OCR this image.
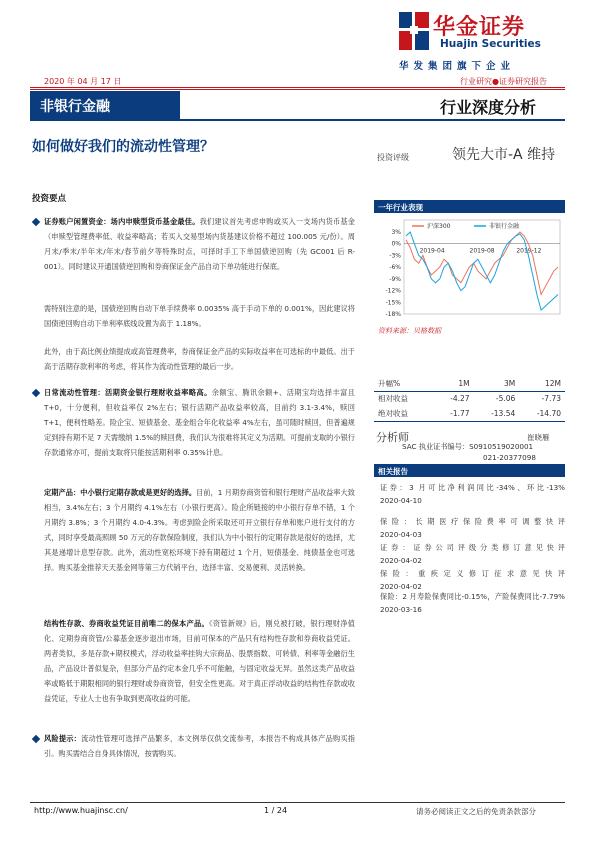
华金证券
Huajin Securities
华发集团旗下企业
2020 年 04 月 17 日	行业研究●证券研究报告
非银行金融	行业深度分析
如何做好我们的流动性管理？
投资评级	领先大市-A 维持
投资要点
证券账户闲置资金：场内申赎型货币基金最佳。我们建议首先考虑申购或买入一支场内货币基金（申赎型管理费率低、收益率略高；若买入交易型场内货基建议价格不超过 100.005 元/份）。周月末/季末/半年末/年末/春节前夕等特殊时点，可择时手工下单国债逆回购（先 GC001 后 R-001）。同时建议开通国债逆回购和券商保证金产品自动下单功能进行保底。
需特别注意的是，国债逆回购自动下单手续费率 0.0035% 高于手动下单的 0.001%，因此建议将国债逆回购自动下单利率底线设置为高于 1.18%。
此外，由于高比例业绩提成或高管理费率，券商保证金产品的实际收益率在可选标的中最低。出于高于活期存款利率的考虑，将其作为流动性管理的最后一步。
日常流动性管理：活期资金银行理财收益率略高。余额宝、腾讯余额+、活期宝均选择丰富且 T+0，十分便利，但收益率仅 2%左右；银行活期产品收益率较高，目前约 3.1-3.4%，赎回 T+1，便利性略差。险企宝、短债基金、基金组合年化收益率 4%左右，虽可随时赎回，但普遍规定到持有期不足 7 天需缴纳 1.5%的赎回费，我们认为很难将其定义为活期。可提前支取的小银行存款通常亦可，提前支取将只能按活期利率 0.35%计息。
定期产品：中小银行定期存款或是更好的选择。目前，1 月期券商资管和银行理财产品收益率大致相当，3.4%左右；3 个月期约 4.1%左右（小银行更高）。险企所链接的中小银行存单不错，1 个月期约 3.8%；3 个月期约 4.0-4.3%。考虑到险企所采取还可开立银行存单和账户进行支付的方式，同时享受最高照顾 50 万元的存款保险制度，我们认为中小银行的定期存款是很好的选择，尤其是递增计息型存款。此外，流动性宽松环境下持有期超过 1 个月，短债基金、纯债基金也可选择。购买基金推荐天天基金网等第三方代销平台，选择丰富、交易便利、灵活转换。
结构性存款、券商收益凭证目前唯二的保本产品。《资管新规》后，刚兑被打破，银行理财净值化、定期券商资管/公募基金逐步退出市场，目前可保本的产品只有结构性存款和券商收益凭证。两者类似，多是存款+期权模式，浮动收益率挂钩大宗商品、股票指数、可转债、利率等金融衍生品，产品设计普似复杂，但部分产品约定本金几乎不可能触，与固定收益无异。虽然这类产品收益率或略低于期限相同的银行理财或券商资管，但安全性更高。对于真正浮动收益的结构性存款或收益凭证，专业人士也有争取到更高收益的可能。
风险提示：流动性管理可选择产品繁多，本文例举仅供交流参考，本报告不构成具体产品购买指引。购买需结合自身具体情况，按需购买。
一年行业表现
3%
0%
-3%
-6%
-9%
-12%
-15%
-18%
2019-04	2019-08	2019-12
沪深300	非银行金融
资料来源：贝格数据
升幅%	1M	3M	12M
相对收益	-4.27	-5.06	-7.73
绝对收益	-1.77	-13.54	-14.70
分析师	崔晓雁
SAC 执业证书编号：S0910519020001
021-20377098
相关报告
证券：3 月可比净利润同比-34%、环比-13%
2020-04-10
保险：长期医疗保险费率可调整快评
2020-04-03
证券：证券公司评级分类修订意见快评
2020-04-02
保险：重疾定义修订征求意见快评
2020-04-02
保险：2 月寿险保费同比-0.15%，产险保费同比-7.79%
2020-03-16
http://www.huajinsc.cn/	1 / 24	请务必阅读正文之后的免责条款部分
